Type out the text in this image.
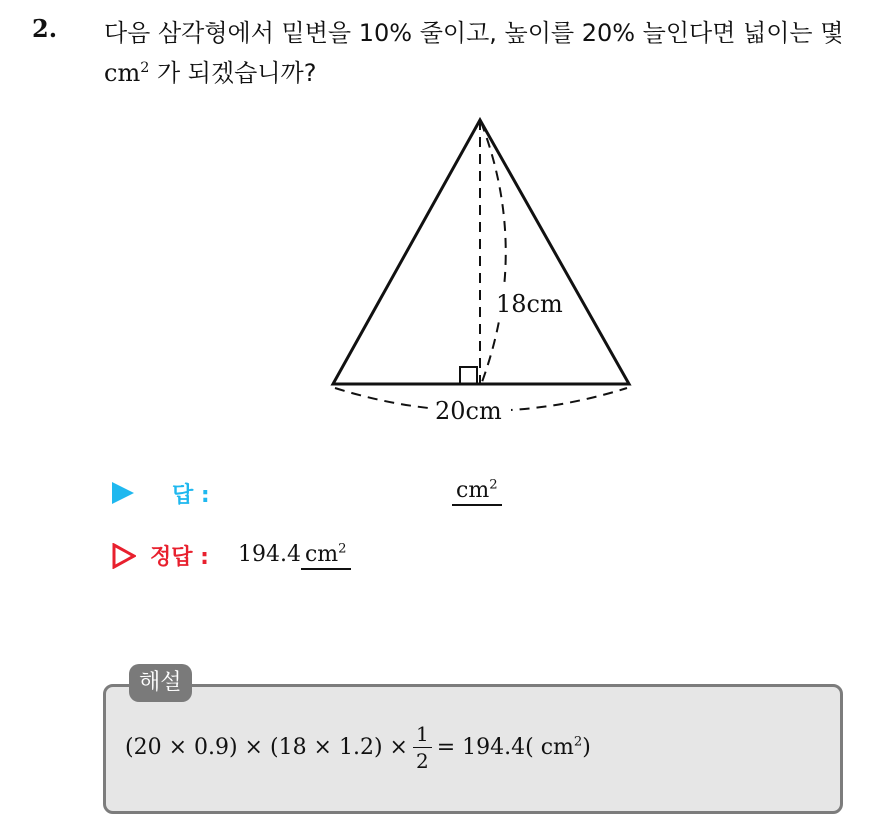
2. 다음 삼각형에서 밑변을 10% 줄이고, 높이를 20% 늘인다면 넓이는 몇 $cm^2$ 가 되겠습니까?
18cm
20cm
답 :	$cm^2$
정답 : 194.4 $cm^2$
해설
$(20 \times 0.9) \times (18 \times 1.2) \times \frac{1}{2} = 194.4$( $cm^2$)
